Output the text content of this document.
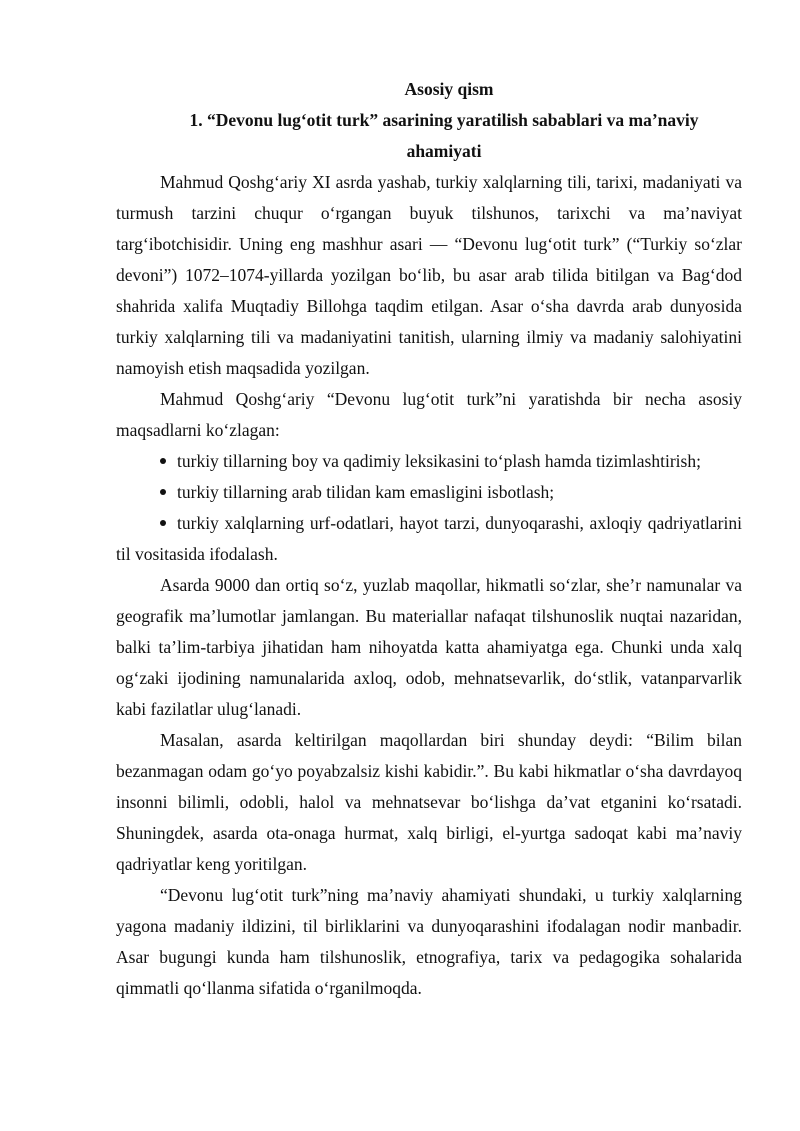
Asosiy qism
1. “Devonu lug‘otit turk” asarining yaratilish sabablari va ma’naviy ahamiyati

Mahmud Qoshg‘ariy XI asrda yashab, turkiy xalqlarning tili, tarixi, madaniyati va turmush tarzini chuqur o‘rgangan buyuk tilshunos, tarixchi va ma’naviyat targ‘ibotchisidir. Uning eng mashhur asari — “Devonu lug‘otit turk” (“Turkiy so‘zlar devoni”) 1072–1074-yillarda yozilgan bo‘lib, bu asar arab tilida bitilgan va Bag‘dod shahrida xalifa Muqtadiy Billohga taqdim etilgan. Asar o‘sha davrda arab dunyosida turkiy xalqlarning tili va madaniyatini tanitish, ularning ilmiy va madaniy salohiyatini namoyish etish maqsadida yozilgan.

Mahmud Qoshg‘ariy “Devonu lug‘otit turk”ni yaratishda bir necha asosiy maqsadlarni ko‘zlagan:

turkiy tillarning boy va qadimiy leksikasini to‘plash hamda tizimlashtirish;
turkiy tillarning arab tilidan kam emasligini isbotlash;
turkiy xalqlarning urf-odatlari, hayot tarzi, dunyoqarashi, axloqiy qadriyatlarini til vositasida ifodalash.

Asarda 9000 dan ortiq so‘z, yuzlab maqollar, hikmatli so‘zlar, she’r namunalar va geografik ma’lumotlar jamlangan. Bu materiallar nafaqat tilshunoslik nuqtai nazaridan, balki ta’lim-tarbiya jihatidan ham nihoyatda katta ahamiyatga ega. Chunki unda xalq og‘zaki ijodining namunalarida axloq, odob, mehnatsevarlik, do‘stlik, vatanparvarlik kabi fazilatlar ulug‘lanadi.

Masalan, asarda keltirilgan maqollardan biri shunday deydi: “Bilim bilan bezanmagan odam go‘yo poyabzalsiz kishi kabidir.”. Bu kabi hikmatlar o‘sha davrdayoq insonni bilimli, odobli, halol va mehnatsevar bo‘lishga da’vat etganini ko‘rsatadi. Shuningdek, asarda ota-onaga hurmat, xalq birligi, el-yurtga sadoqat kabi ma’naviy qadriyatlar keng yoritilgan.

“Devonu lug‘otit turk”ning ma’naviy ahamiyati shundaki, u turkiy xalqlarning yagona madaniy ildizini, til birliklarini va dunyoqarashini ifodalagan nodir manbadir. Asar bugungi kunda ham tilshunoslik, etnografiya, tarix va pedagogika sohalarida qimmatli qo‘llanma sifatida o‘rganilmoqda.
